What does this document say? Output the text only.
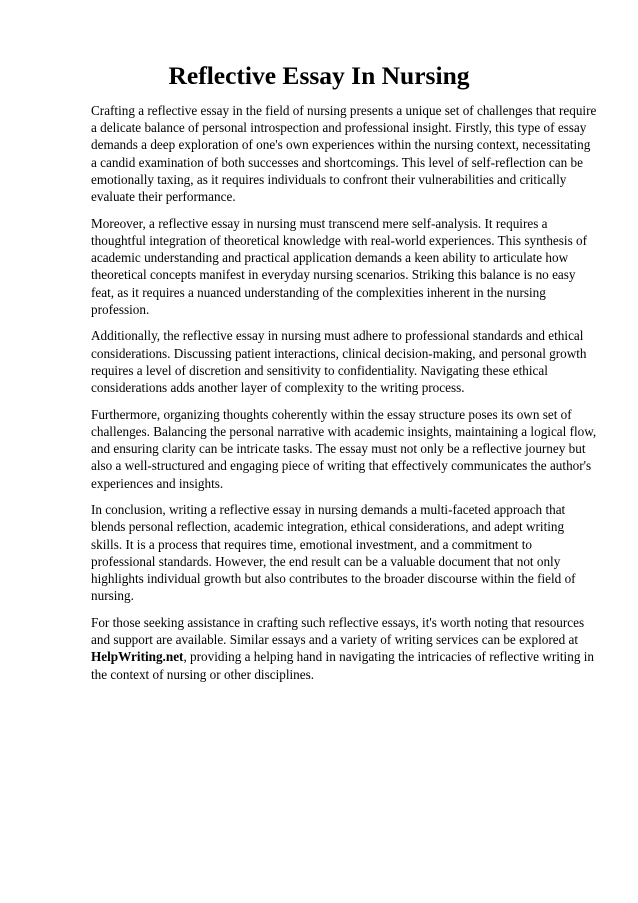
Reflective Essay In Nursing

Crafting a reflective essay in the field of nursing presents a unique set of challenges that require a delicate balance of personal introspection and professional insight. Firstly, this type of essay demands a deep exploration of one's own experiences within the nursing context, necessitating a candid examination of both successes and shortcomings. This level of self-reflection can be emotionally taxing, as it requires individuals to confront their vulnerabilities and critically evaluate their performance.

Moreover, a reflective essay in nursing must transcend mere self-analysis. It requires a thoughtful integration of theoretical knowledge with real-world experiences. This synthesis of academic understanding and practical application demands a keen ability to articulate how theoretical concepts manifest in everyday nursing scenarios. Striking this balance is no easy feat, as it requires a nuanced understanding of the complexities inherent in the nursing profession.

Additionally, the reflective essay in nursing must adhere to professional standards and ethical considerations. Discussing patient interactions, clinical decision-making, and personal growth requires a level of discretion and sensitivity to confidentiality. Navigating these ethical considerations adds another layer of complexity to the writing process.

Furthermore, organizing thoughts coherently within the essay structure poses its own set of challenges. Balancing the personal narrative with academic insights, maintaining a logical flow, and ensuring clarity can be intricate tasks. The essay must not only be a reflective journey but also a well-structured and engaging piece of writing that effectively communicates the author's experiences and insights.

In conclusion, writing a reflective essay in nursing demands a multi-faceted approach that blends personal reflection, academic integration, ethical considerations, and adept writing skills. It is a process that requires time, emotional investment, and a commitment to professional standards. However, the end result can be a valuable document that not only highlights individual growth but also contributes to the broader discourse within the field of nursing.

For those seeking assistance in crafting such reflective essays, it's worth noting that resources and support are available. Similar essays and a variety of writing services can be explored at HelpWriting.net, providing a helping hand in navigating the intricacies of reflective writing in the context of nursing or other disciplines.
